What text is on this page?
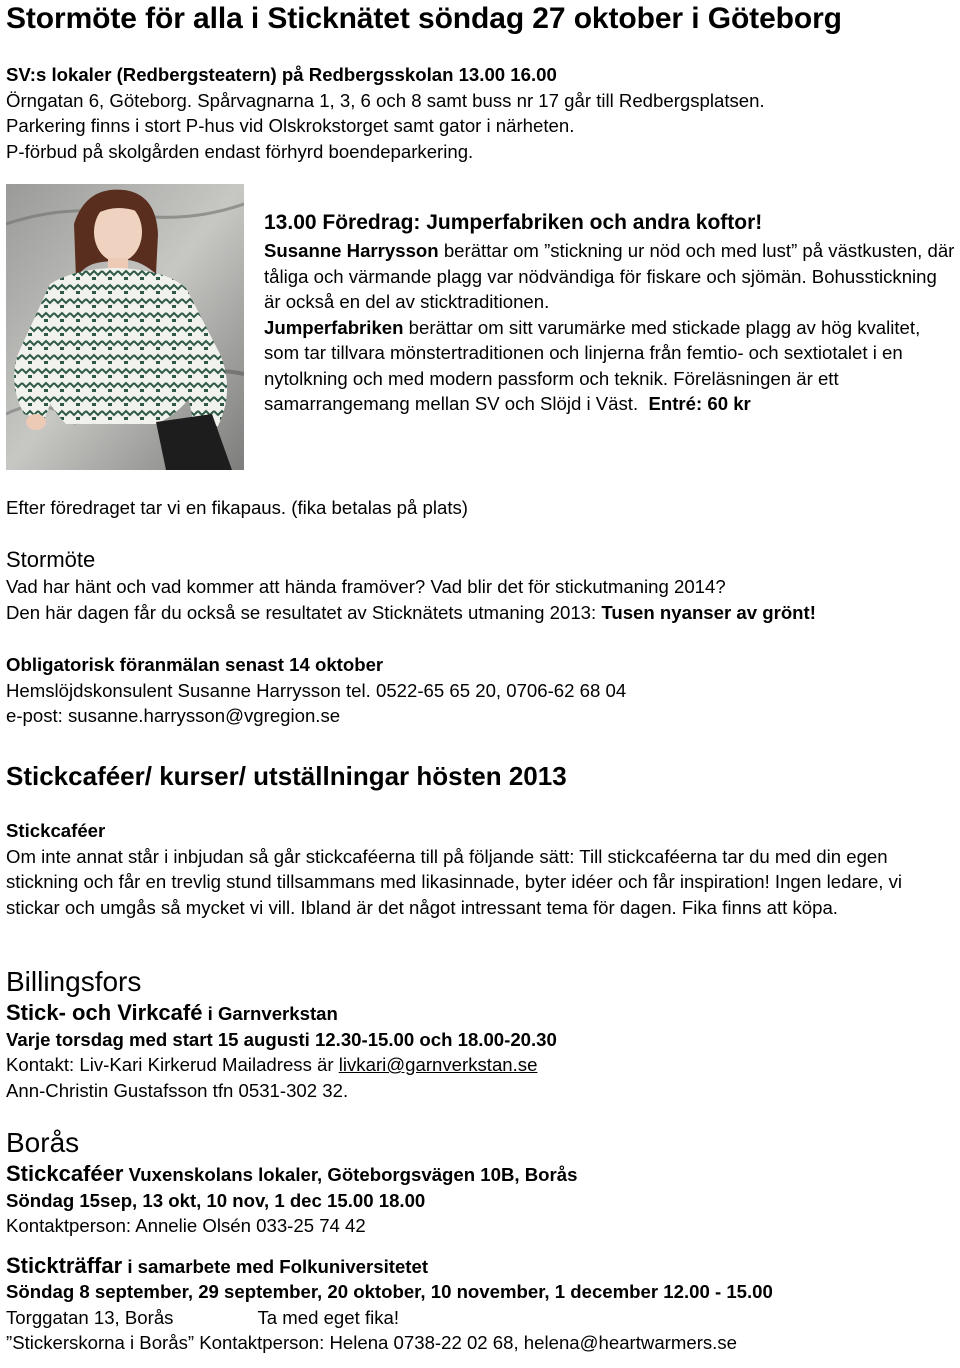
Stormöte för alla i Sticknätet söndag 27 oktober i Göteborg

SV:s lokaler (Redbergsteatern) på Redbergsskolan 13.00 16.00

Örngatan 6, Göteborg. Spårvagnarna 1, 3, 6 och 8 samt buss nr 17 går till Redbergsplatsen.

Parkering finns i stort P-hus vid Olskrokstorget samt gator i närheten.

P-förbud på skolgården endast förhyrd boendeparkering.

13.00 Föredrag: Jumperfabriken och andra koftor!

Susanne Harrysson berättar om ”stickning ur nöd och med lust” på västkusten, där tåliga och värmande plagg var nödvändiga för fiskare och sjömän. Bohusstickning är också en del av sticktraditionen.

Jumperfabriken berättar om sitt varumärke med stickade plagg av hög kvalitet, som tar tillvara mönstertraditionen och linjerna från femtio- och sextiotalet i en

nytolkning och med modern passform och teknik. Föreläsningen är ett samarrangemang mellan SV och Slöjd i Väst. Entré: 60 kr

Efter föredraget tar vi en fikapaus. (fika betalas på plats)

Stormöte

Vad har hänt och vad kommer att hända framöver? Vad blir det för stickutmaning 2014?

Den här dagen får du också se resultatet av Sticknätets utmaning 2013: Tusen nyanser av grönt!

Obligatorisk föranmälan senast 14 oktober

Hemslöjdskonsulent Susanne Harrysson tel. 0522-65 65 20, 0706-62 68 04

e-post: susanne.harrysson@vgregion.se

Stickcaféer/ kurser/ utställningar hösten 2013

Stickcaféer

Om inte annat står i inbjudan så går stickcaféerna till på följande sätt: Till stickcaféerna tar du med din egen stickning och får en trevlig stund tillsammans med likasinnade, byter idéer och får inspiration! Ingen ledare, vi stickar och umgås så mycket vi vill. Ibland är det något intressant tema för dagen. Fika finns att köpa.

Billingsfors

Stick- och Virkcafé i Garnverkstan

Varje torsdag med start 15 augusti 12.30-15.00 och 18.00-20.30

Kontakt: Liv-Kari Kirkerud Mailadress är livkari@garnverkstan.se

Ann-Christin Gustafsson tfn 0531-302 32.

Borås

Stickcaféer Vuxenskolans lokaler, Göteborgsvägen 10B, Borås

Söndag 15sep, 13 okt, 10 nov, 1 dec 15.00 18.00

Kontaktperson: Annelie Olsén 033-25 74 42

Stickträffar i samarbete med Folkuniversitetet

Söndag 8 september, 29 september, 20 oktober, 10 november, 1 december 12.00 - 15.00

Torggatan 13, Borås	Ta med eget fika!

”Stickerskorna i Borås” Kontaktperson: Helena 0738-22 02 68, helena@heartwarmers.se
